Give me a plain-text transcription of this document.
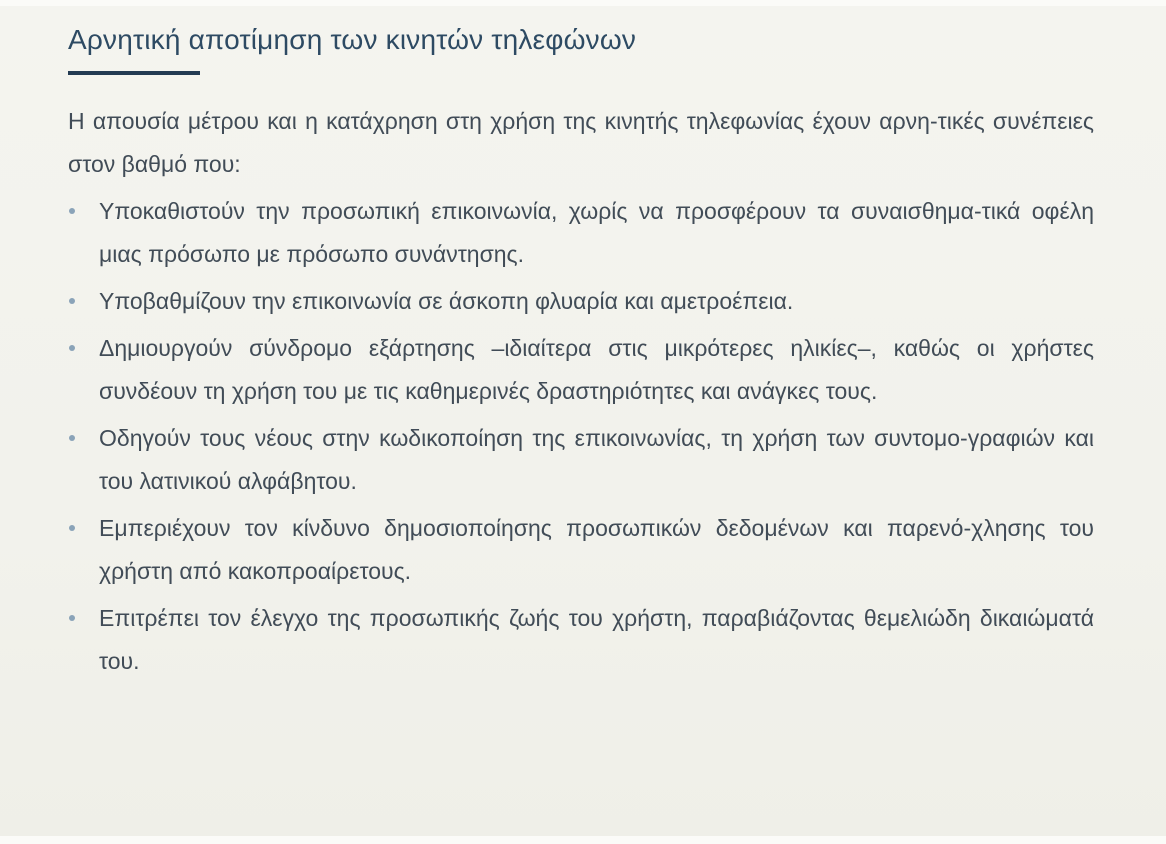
Αρνητική αποτίμηση των κινητών τηλεφώνων

Η απουσία μέτρου και η κατάχρηση στη χρήση της κινητής τηλεφωνίας έχουν αρνη-τικές συνέπειες στον βαθμό που:

Υποκαθιστούν την προσωπική επικοινωνία, χωρίς να προσφέρουν τα συναισθημα-τικά οφέλη μιας πρόσωπο με πρόσωπο συνάντησης.
Υποβαθμίζουν την επικοινωνία σε άσκοπη φλυαρία και αμετροέπεια.
Δημιουργούν σύνδρομο εξάρτησης –ιδιαίτερα στις μικρότερες ηλικίες–, καθώς οι χρήστες συνδέουν τη χρήση του με τις καθημερινές δραστηριότητες και ανάγκες τους.
Οδηγούν τους νέους στην κωδικοποίηση της επικοινωνίας, τη χρήση των συντομο-γραφιών και του λατινικού αλφάβητου.
Εμπεριέχουν τον κίνδυνο δημοσιοποίησης προσωπικών δεδομένων και παρενό-χλησης του χρήστη από κακοπροαίρετους.
Επιτρέπει τον έλεγχο της προσωπικής ζωής του χρήστη, παραβιάζοντας θεμελιώδη δικαιώματά του.
